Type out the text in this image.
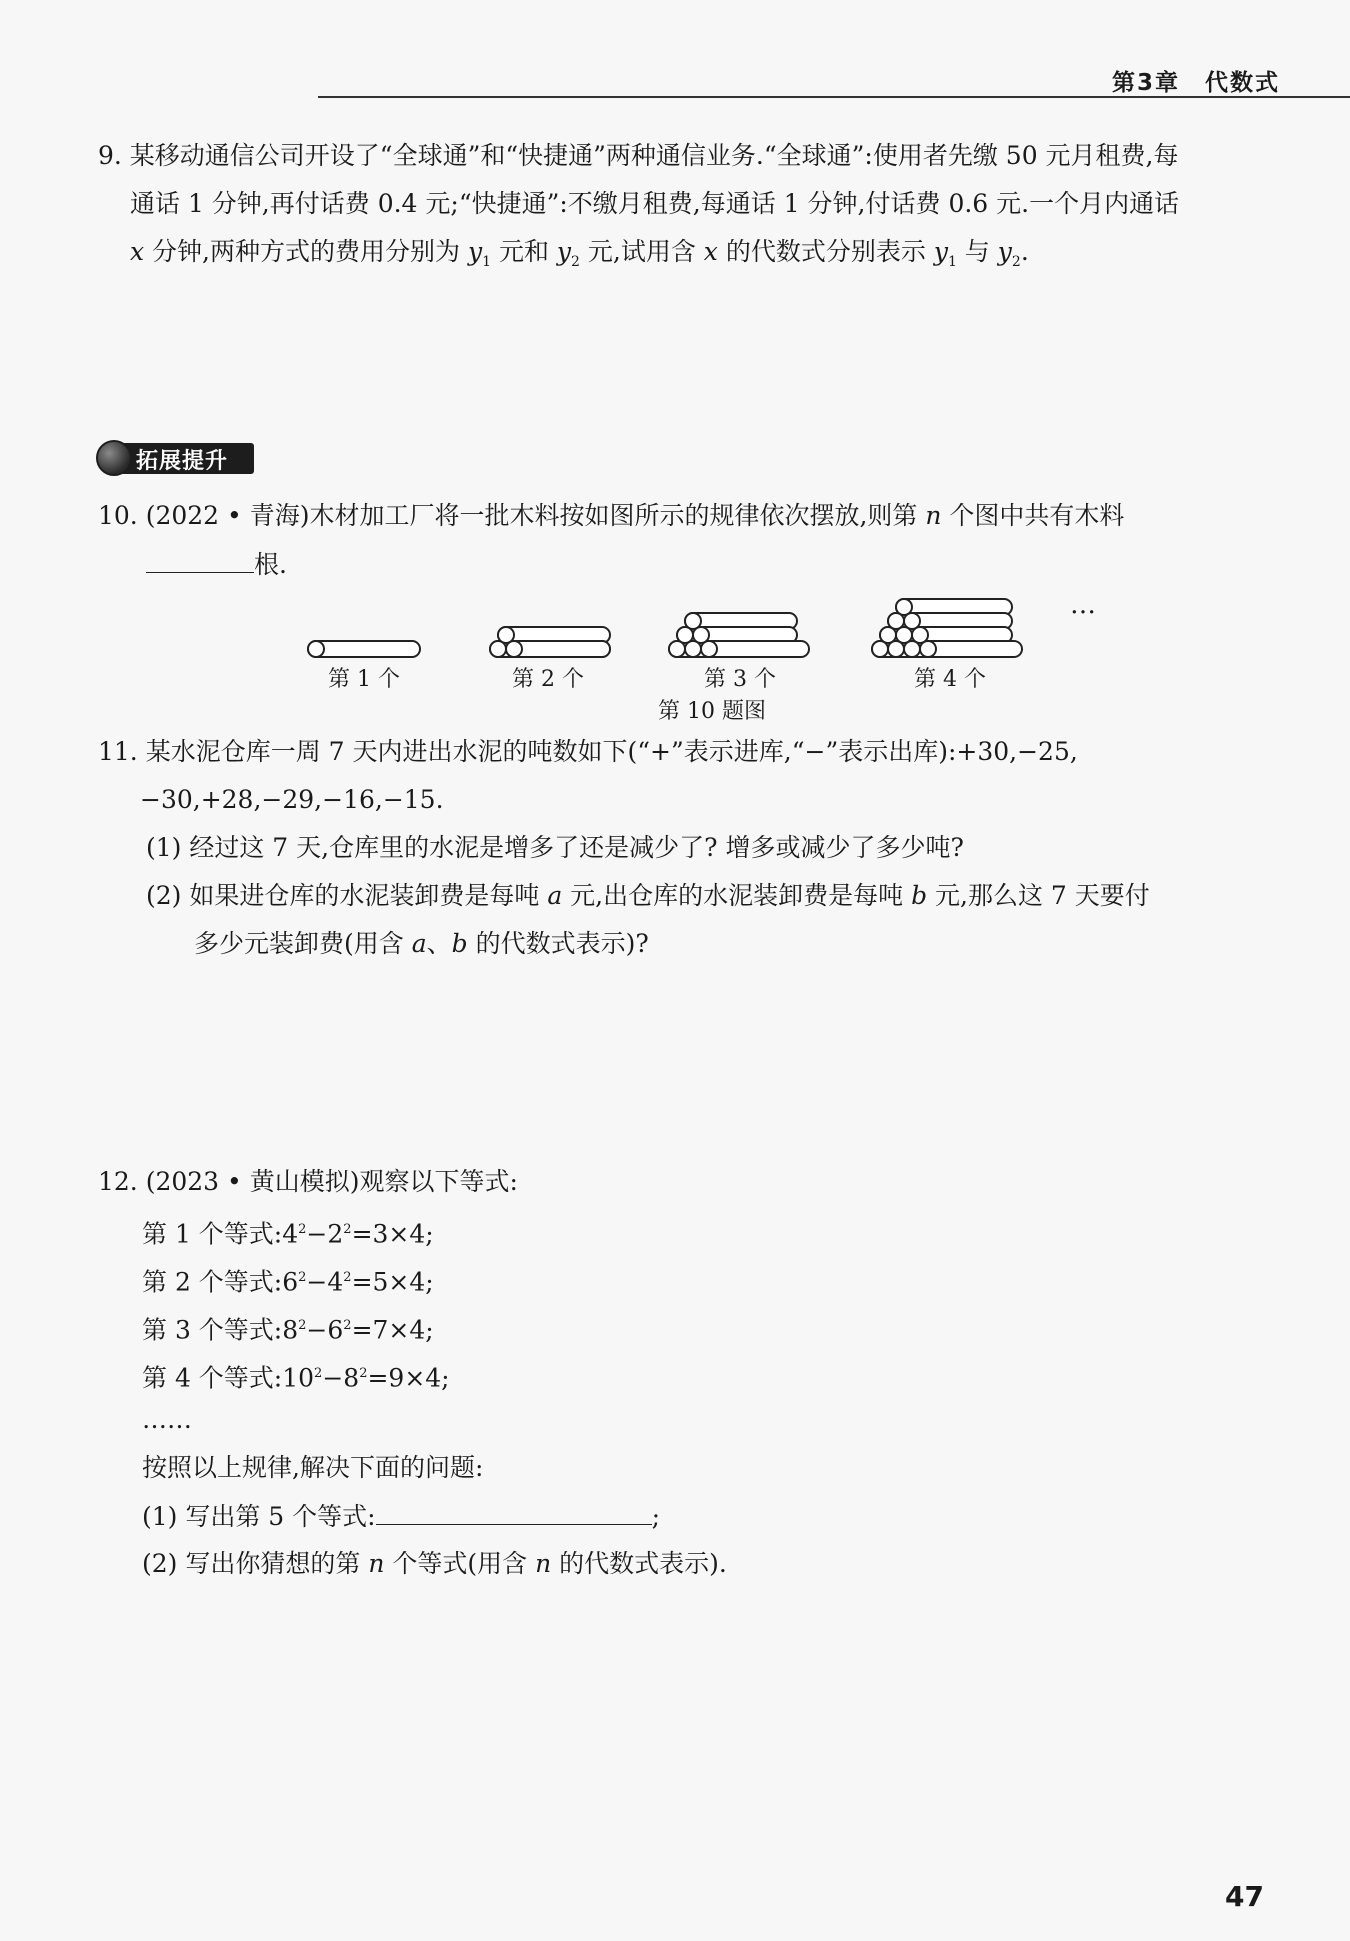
第3章　代数式
9. 某移动通信公司开设了“全球通”和“快捷通”两种通信业务.“全球通”:使用者先缴 50 元月租费,每
通话 1 分钟,再付话费 0.4 元;“快捷通”:不缴月租费,每通话 1 分钟,付话费 0.6 元.一个月内通话
x 分钟,两种方式的费用分别为 $y_1$ 元和 $y_2$ 元,试用含 x 的代数式分别表示 $y_1$ 与 $y_2$.
拓展提升
10. (2022 • 青海)木材加工厂将一批木料按如图所示的规律依次摆放,则第 n 个图中共有木料
根.
…
第 1 个	第 2 个	第 3 个	第 4 个
第 10 题图
11. 某水泥仓库一周 7 天内进出水泥的吨数如下(“+”表示进库,“−”表示出库):+30,−25,
−30,+28,−29,−16,−15.
(1) 经过这 7 天,仓库里的水泥是增多了还是减少了? 增多或减少了多少吨?
(2) 如果进仓库的水泥装卸费是每吨 a 元,出仓库的水泥装卸费是每吨 b 元,那么这 7 天要付
多少元装卸费(用含 a、b 的代数式表示)?
12. (2023 • 黄山模拟)观察以下等式:
第 1 个等式$:4^2-2^2=3\times 4$;
第 2 个等式$:6^2-4^2=5\times 4$;
第 3 个等式$:8^2-6^2=7\times 4$;
第 4 个等式$:10^2-8^2=9\times 4$;
……
按照以上规律,解决下面的问题:
(1) 写出第 5 个等式:	;
(2) 写出你猜想的第 n 个等式(用含 n 的代数式表示).
47
